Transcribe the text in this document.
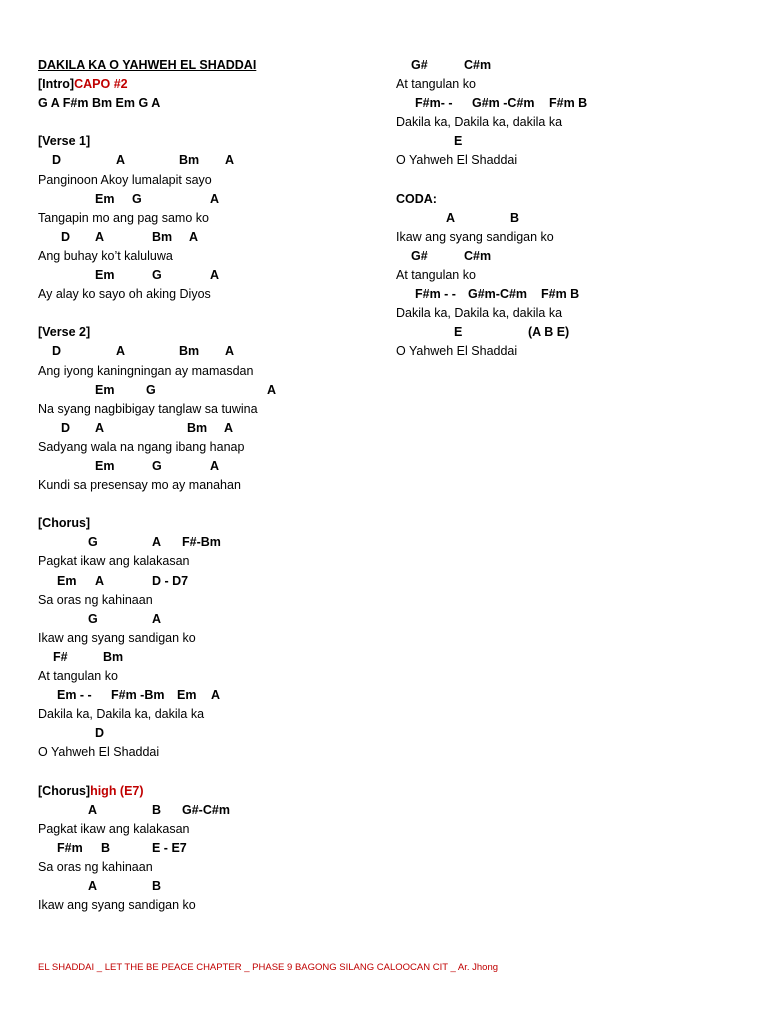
DAKILA KA O YAHWEH EL SHADDAI
[Intro]CAPO #2
G A F#m Bm Em G A
[Verse 1]
D	A	Bm A
Panginoon Akoy lumalapit sayo
Em G	A
Tangapin mo ang pag samo ko
D A	Bm A
Ang buhay ko’t kaluluwa
Em	G	A
Ay alay ko sayo oh aking Diyos
[Verse 2]
D	A	Bm A
Ang iyong kaningningan ay mamasdan
Em	G	A
Na syang nagbibigay tanglaw sa tuwina
D A	Bm A
Sadyang wala na ngang ibang hanap
Em	G	A
Kundi sa presensay mo ay manahan
[Chorus]
G	A F#-Bm
Pagkat ikaw ang kalakasan
Em A	D - D7
Sa oras ng kahinaan
G	A
Ikaw ang syang sandigan ko
F#	Bm
At tangulan ko
Em - - F#m -Bm Em A
Dakila ka, Dakila ka, dakila ka
D
O Yahweh El Shaddai
[Chorus]high (E7)
A	B G#-C#m
Pagkat ikaw ang kalakasan
F#m B	E - E7
Sa oras ng kahinaan
A	B
Ikaw ang syang sandigan ko
G#	C#m
At tangulan ko
F#m- - G#m -C#m F#m B
Dakila ka, Dakila ka, dakila ka
E
O Yahweh El Shaddai
CODA:
A	B
Ikaw ang syang sandigan ko
G#	C#m
At tangulan ko
F#m - - G#m-C#m F#m B
Dakila ka, Dakila ka, dakila ka
E	(A B E)
O Yahweh El Shaddai
EL SHADDAI _ LET THE BE PEACE CHAPTER _ PHASE 9 BAGONG SILANG CALOOCAN CIT _ Ar. Jhong
